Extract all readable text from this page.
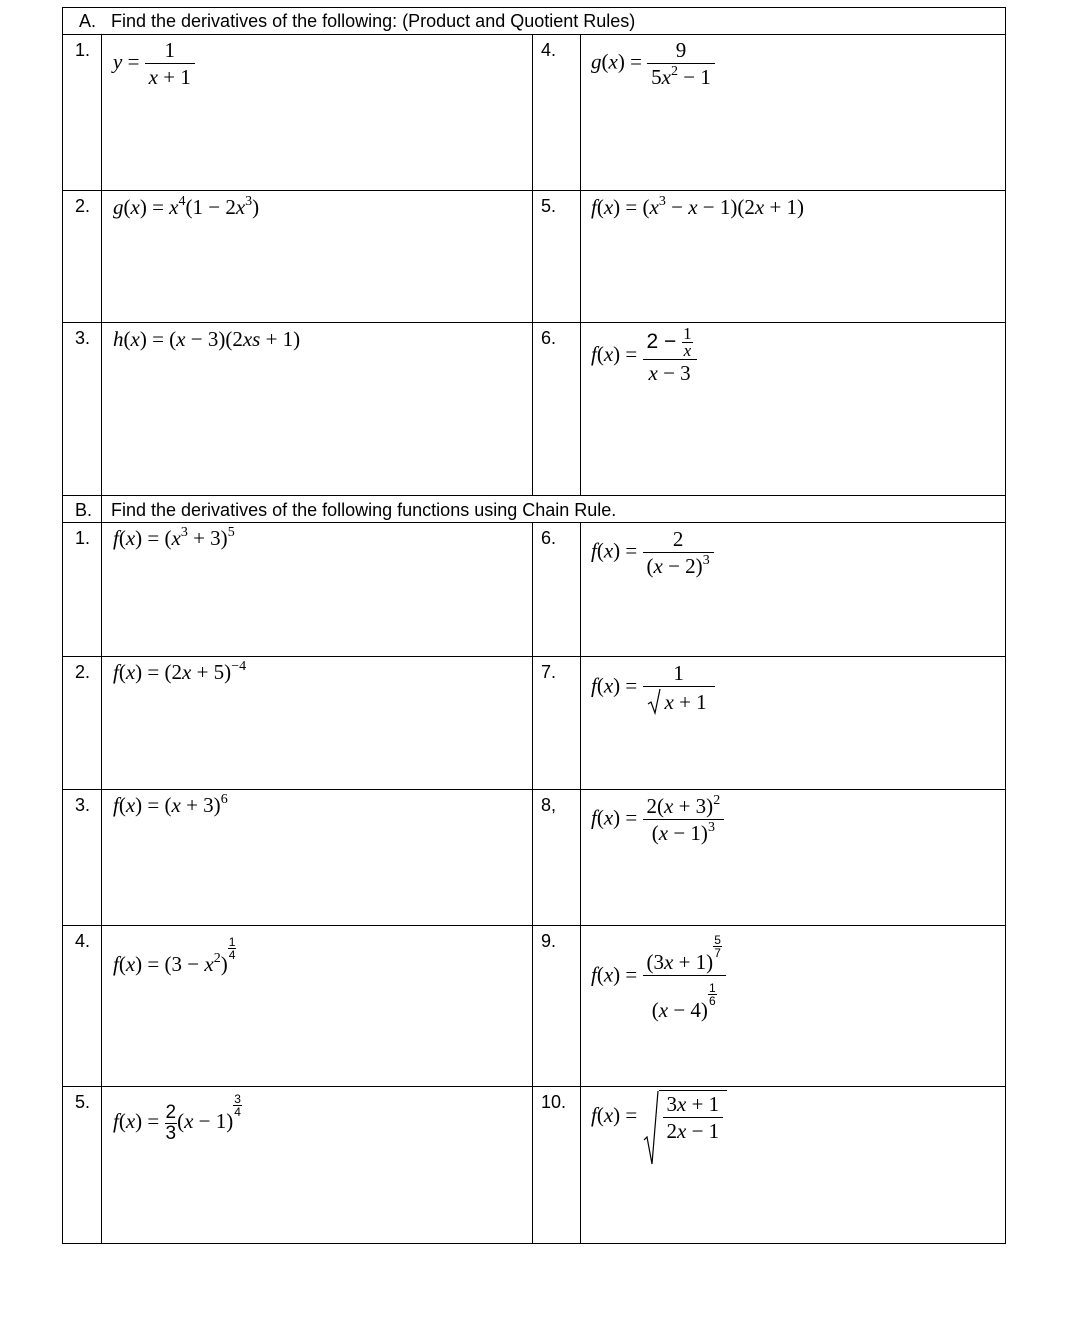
A. Find the derivatives of the following: (Product and Quotient Rules)
1.
2.
3.
4.
5.
6.
$y = \frac{1}{x + 1}$	$g(x) = \frac{9}{5x^2 - 1}$
$g(x) = x^4(1 - 2x^3)$	$f(x) = (x^3 - x - 1)(2x + 1)$
h(x) = (x − 3)(2xs + 1)
$f(x) = \frac{2 - \frac{1}{x}}{x - 3}$
B. Find the derivatives of the following functions using Chain Rule.
1.
2.
3.
4.
5.
6.
7.
8,
9.
10.
$f(x) = (x^3 + 3)^5$
$f(x) = (2x + 5)^{-4}$
$f(x) = (x + 3)^6$
$f(x) = (3 - x^2)$
$\frac{1}{4}$
$f(x) = \frac{2}{3} (x - 1)$
$\frac{3}{4}$
$f(x) = \frac{2}{(x - 2)^3}$
$f(x) = \frac{1}{x + 1}$
$f(x) = \frac{2(x + 3)^2}{(x - 1)^3}$
f(x) = (3x + 1)
$\frac{5}{7}$
(x − 4)
$\frac{1}{6}$
$f(x) = \frac{3x + 1}{2x - 1}$
